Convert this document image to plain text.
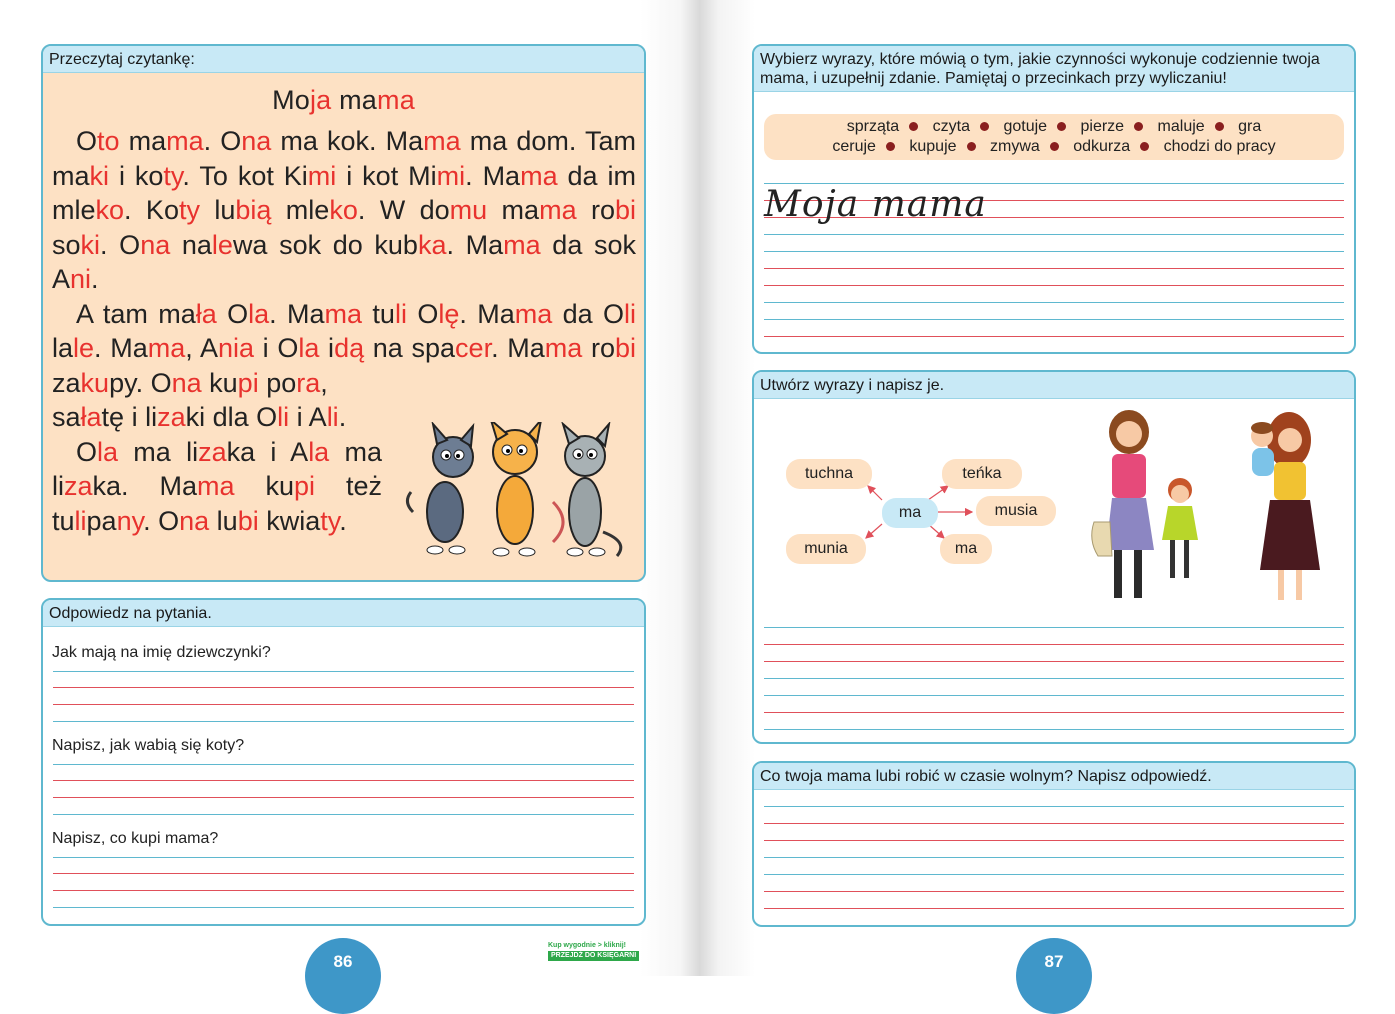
Przeczytaj czytankę:
Moja mama

Oto mama. Ona ma kok. Mama ma dom. Tam maki i koty. To kot Kimi i kot Mimi. Mama da im mleko. Koty lubią mleko. W domu mama robi soki. Ona nalewa sok do kubka. Mama da sok Ani.

A tam mała Ola. Mama tuli Olę. Mama da Oli lale. Mama, Ania i Ola idą na spacer. Mama robi zakupy. Ona kupi pora,

sałatę i lizaki dla Oli i Ali.

Ola ma lizaka i Ala ma lizaka. Mama kupi też tulipany. Ona lubi kwiaty.

Odpowiedz na pytania.
Jak mają na imię dziewczynki?
Napisz, jak wabią się koty?
Napisz, co kupi mama?
86
Kup wygodnie > kliknij!
PRZEJDŹ DO KSIĘGARNI
Wybierz wyrazy, które mówią o tym, jakie czynności wykonuje codziennie twoja mama, i uzupełnij zdanie. Pamiętaj o przecinkach przy wyliczaniu!
sprząta czyta gotuje pierze maluje gra
ceruje kupuje zmywa odkurza chodzi do pracy
Moja mama
Utwórz wyrazy i napisz je.
tuchna	teńka
ma	musia
munia	ma
Co twoja mama lubi robić w czasie wolnym? Napisz odpowiedź.
87
